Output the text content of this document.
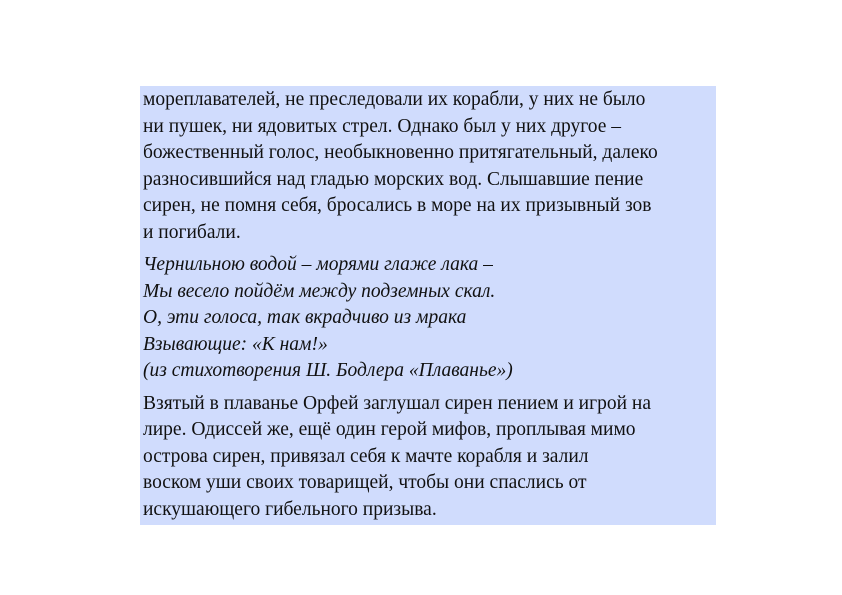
мореплавателей, не преследовали их корабли, у них не было
ни пушек, ни ядовитых стрел. Однако был у них другое –
божественный голос, необыкновенно притягательный, далеко
разносившийся над гладью морских вод. Слышавшие пение
сирен, не помня себя, бросались в море на их призывный зов
и погибали.

Чернильною водой – морями глаже лака –
Мы весело пойдём между подземных скал.
О, эти голоса, так вкрадчиво из мрака
Взывающие: «К нам!»
(из стихотворения Ш. Бодлера «Плаванье»)

Взятый в плаванье Орфей заглушал сирен пением и игрой на
лире. Одиссей же, ещё один герой мифов, проплывая мимо
острова сирен, привязал себя к мачте корабля и залил
воском уши своих товарищей, чтобы они спаслись от
искушающего гибельного призыва.
